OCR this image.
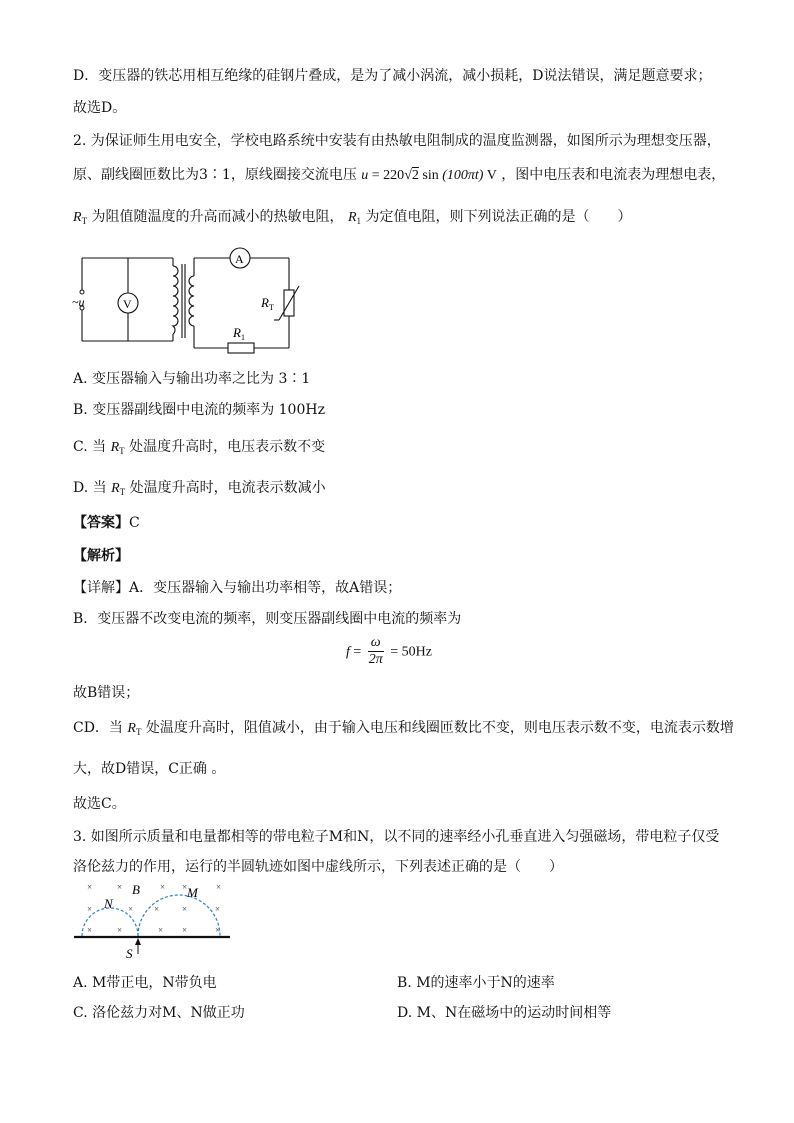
D．变压器的铁芯用相互绝缘的硅钢片叠成，是为了减小涡流，减小损耗，D说法错误，满足题意要求；
故选D。
2. 为保证师生用电安全，学校电路系统中安装有由热敏电阻制成的温度监测器，如图所示为理想变压器，
原、副线圈匝数比为3∶1，原线圈接交流电压 u = 220√2 sin (100πt) V ，图中电压表和电流表为理想电表，
$R_T$ 为阻值随温度的升高而减小的热敏电阻， $R_1$ 为定值电阻，则下列说法正确的是（　　）
~u	V
A
$R_T$
$R_1$
A. 变压器输入与输出功率之比为 3∶1
B. 变压器副线圈中电流的频率为 100Hz
C. 当 $R_T$ 处温度升高时，电压表示数不变
D. 当 $R_T$ 处温度升高时，电流表示数减小
【答案】C
【解析】
【详解】A．变压器输入与输出功率相等，故A错误；
B．变压器不改变电流的频率，则变压器副线圈中电流的频率为
$f = \frac{\omega}{2\pi} = 50Hz$
故B错误；
CD．当 $R_T$ 处温度升高时，阻值减小，由于输入电压和线圈匝数比不变，则电压表示数不变，电流表示数增
大，故D错误，C正确 。
故选C。
3. 如图所示质量和电量都相等的带电粒子M和N，以不同的速率经小孔垂直进入匀强磁场，带电粒子仅受
洛伦兹力的作用，运行的半圆轨迹如图中虚线所示，下列表述正确的是（　　）
×	×	× ×	×
×	× ×	×	×
×	×	× ×	×
N
B	M
S
A. M带正电，N带负电	B. M的速率小于N的速率
C. 洛伦兹力对M、N做正功	D. M、N在磁场中的运动时间相等
